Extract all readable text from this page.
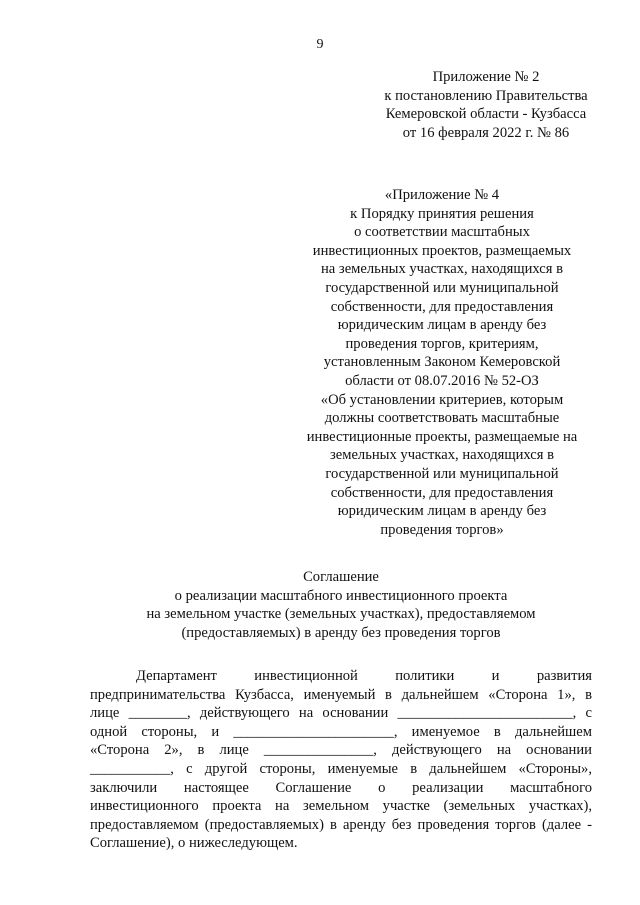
9
Приложение № 2
к постановлению Правительства
Кемеровской области - Кузбасса
от 16 февраля 2022 г. № 86
«Приложение № 4
к Порядку принятия решения
о соответствии масштабных
инвестиционных проектов, размещаемых
на земельных участках, находящихся в
государственной или муниципальной
собственности, для предоставления
юридическим лицам в аренду без
проведения торгов, критериям,
установленным Законом Кемеровской
области от 08.07.2016 № 52-ОЗ
«Об установлении критериев, которым
должны соответствовать масштабные
инвестиционные проекты, размещаемые на
земельных участках, находящихся в
государственной или муниципальной
собственности, для предоставления
юридическим лицам в аренду без
проведения торгов»
Соглашение
о реализации масштабного инвестиционного проекта
на земельном участке (земельных участках), предоставляемом
(предоставляемых) в аренду без проведения торгов
Департамент инвестиционной политики и развития
предпринимательства Кузбасса, именуемый в дальнейшем «Сторона 1», в
лице ________, действующего на основании ________________________, с
одной стороны, и ______________________, именуемое в дальнейшем
«Сторона 2», в лице _______________, действующего на основании
___________, с другой стороны, именуемые в дальнейшем «Стороны»,
заключили настоящее Соглашение о реализации масштабного
инвестиционного проекта на земельном участке (земельных участках),
предоставляемом (предоставляемых) в аренду без проведения торгов (далее -
Соглашение), о нижеследующем.
